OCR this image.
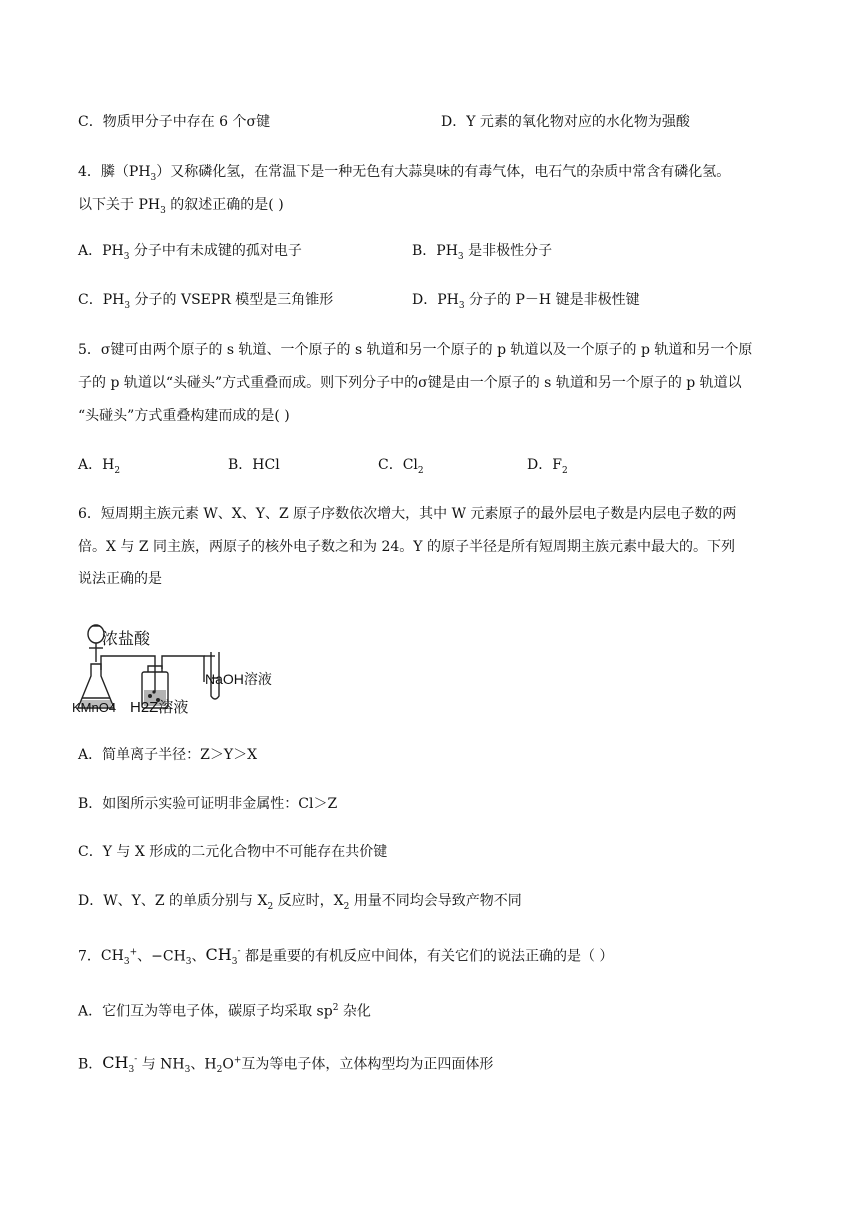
C．物质甲分子中存在 6 个σ键	D．Y 元素的氧化物对应的水化物为强酸
4．膦$(PH_3)$又称磷化氢，在常温下是一种无色有大蒜臭味的有毒气体，电石气的杂质中常含有磷化氢。
以下关于 $PH_3$ 的叙述正确的是( )
A．$PH_3$ 分子中有未成键的孤对电子	B．$PH_3$ 是非极性分子
C．$PH_3$ 分子的 VSEPR 模型是三角锥形	D．$PH_3$ 分子的 P－H 键是非极性键
5．σ键可由两个原子的 s 轨道、一个原子的 s 轨道和另一个原子的 p 轨道以及一个原子的 p 轨道和另一个原
子的 p 轨道以“头碰头”方式重叠而成。则下列分子中的σ键是由一个原子的 s 轨道和另一个原子的 p 轨道以
“头碰头”方式重叠构建而成的是( )
A．$H_2$	B．HCl	C．$Cl_2$	D．$F_2$
6．短周期主族元素 W、X、Y、Z 原子序数依次增大，其中 W 元素原子的最外层电子数是内层电子数的两
倍。X 与 Z 同主族，两原子的核外电子数之和为 24。Y 的原子半径是所有短周期主族元素中最大的。下列
说法正确的是
浓盐酸
NaOH溶液
KMnO4 H2Z溶液
A．简单离子半径：Z＞Y＞X
B．如图所示实验可证明非金属性：Cl＞Z
C．Y 与 X 形成的二元化合物中不可能存在共价键
D．W、Y、Z 的单质分别与 $X_2$ 反应时，$X_2$ 用量不同均会导致产物不同
7．$CH_3^+$、$-CH_3$、$CH_3^-$ 都是重要的有机反应中间体，有关它们的说法正确的是（ ）
A．它们互为等电子体，碳原子均采取 $sp^2$ 杂化
B．$CH_3^-$ 与 $NH_3$、$H_2O^+$互为等电子体，立体构型均为正四面体形
